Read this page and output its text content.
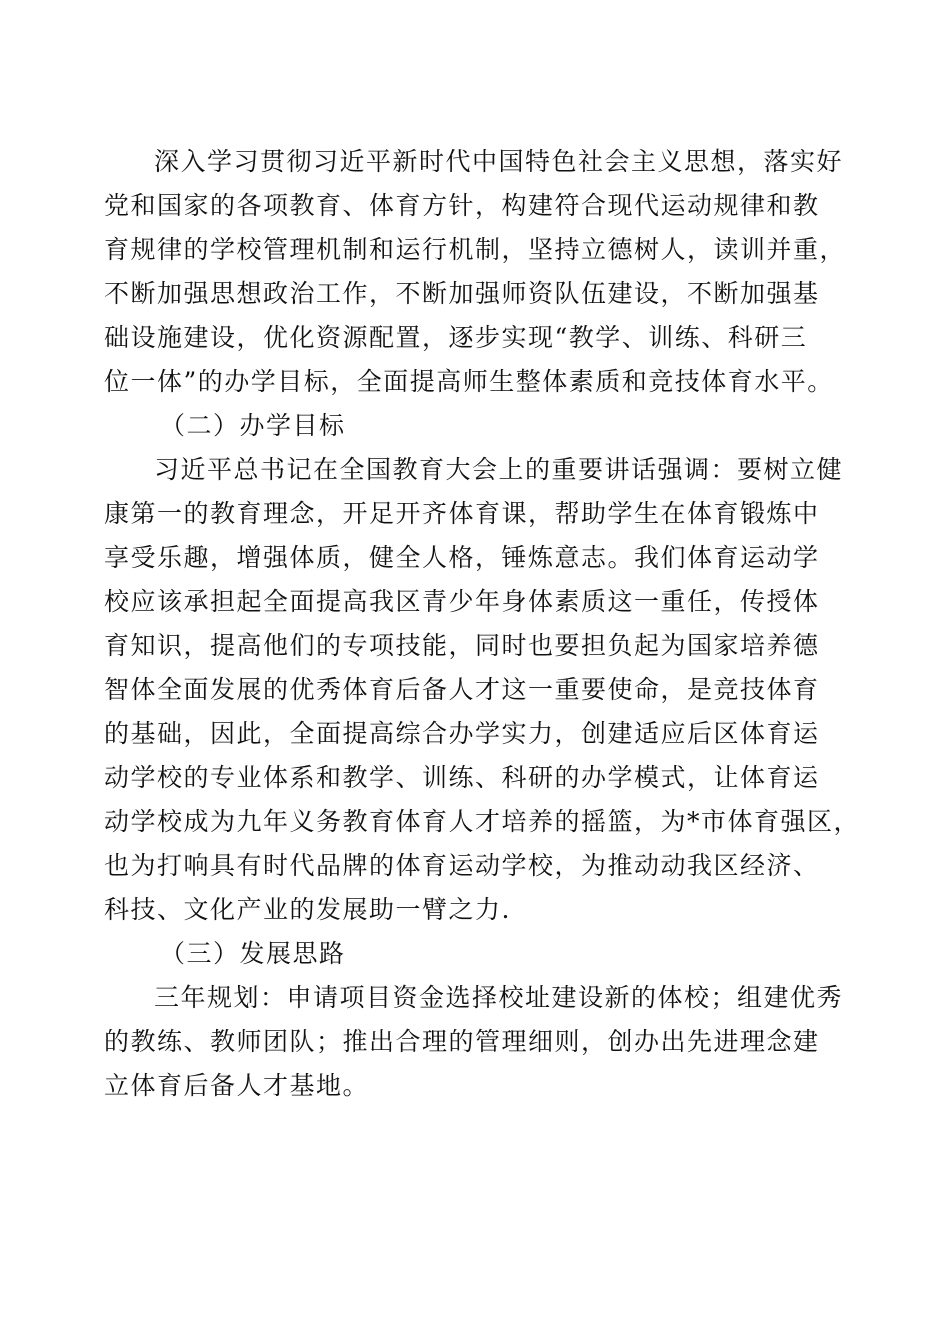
深入学习贯彻习近平新时代中国特色社会主义思想，落实好
党和国家的各项教育、体育方针，构建符合现代运动规律和教
育规律的学校管理机制和运行机制，坚持立德树人，读训并重，
不断加强思想政治工作，不断加强师资队伍建设，不断加强基
础设施建设，优化资源配置，逐步实现“教学、训练、科研三
位一体”的办学目标，全面提高师生整体素质和竞技体育水平。
（二）办学目标
习近平总书记在全国教育大会上的重要讲话强调：要树立健
康第一的教育理念，开足开齐体育课，帮助学生在体育锻炼中
享受乐趣，增强体质，健全人格，锤炼意志。我们体育运动学
校应该承担起全面提高我区青少年身体素质这一重任，传授体
育知识，提高他们的专项技能，同时也要担负起为国家培养德
智体全面发展的优秀体育后备人才这一重要使命，是竞技体育
的基础，因此，全面提高综合办学实力，创建适应后区体育运
动学校的专业体系和教学、训练、科研的办学模式，让体育运
动学校成为九年义务教育体育人才培养的摇篮，为*市体育强区，
也为打响具有时代品牌的体育运动学校，为推动动我区经济、
科技、文化产业的发展助一臂之力.
（三）发展思路
三年规划：申请项目资金选择校址建设新的体校；组建优秀
的教练、教师团队；推出合理的管理细则，创办出先进理念建
立体育后备人才基地。
